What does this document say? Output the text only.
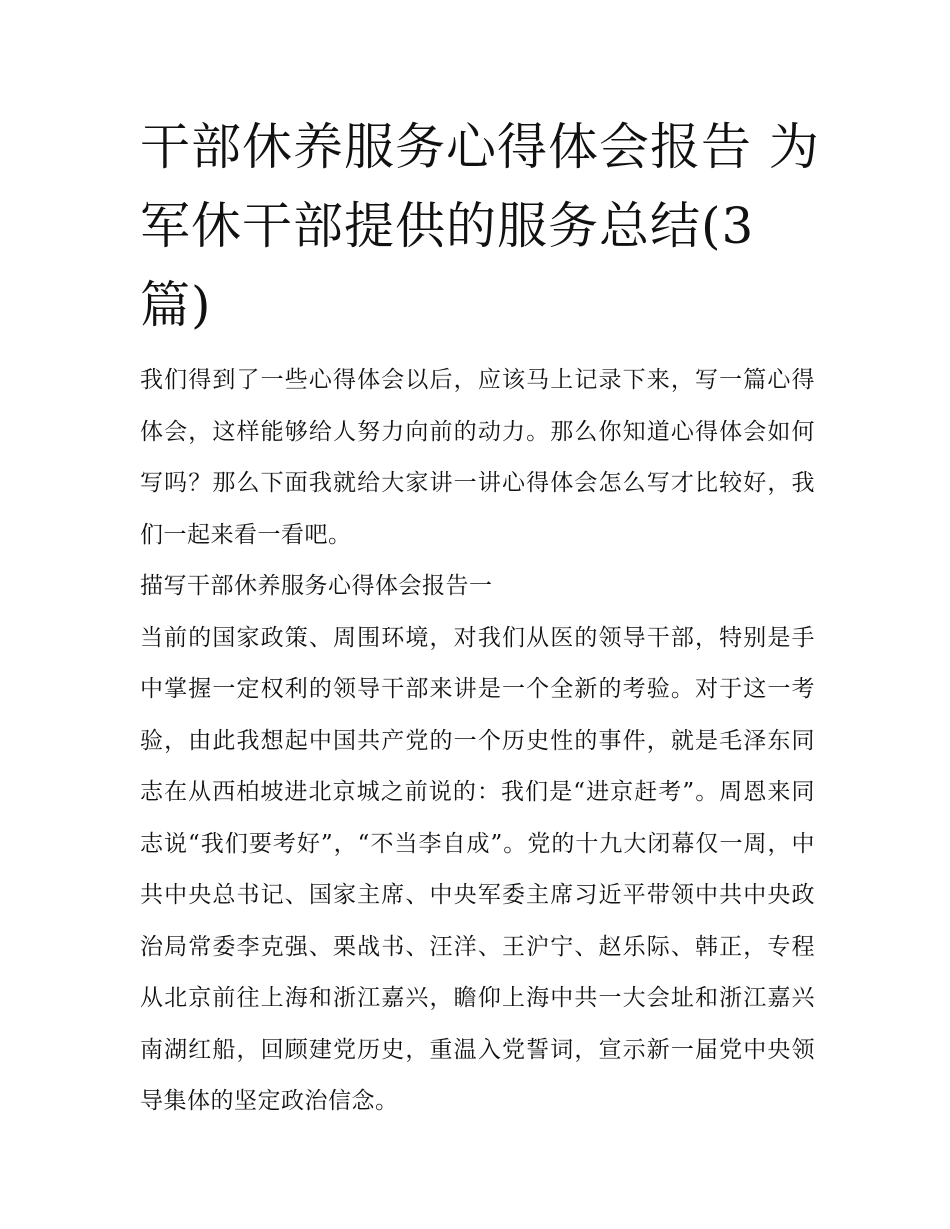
干部休养服务心得体会报告 为军休干部提供的服务总结(3篇)

我们得到了一些心得体会以后，应该马上记录下来，写一篇心得体会，这样能够给人努力向前的动力。那么你知道心得体会如何写吗？那么下面我就给大家讲一讲心得体会怎么写才比较好，我们一起来看一看吧。

描写干部休养服务心得体会报告一

当前的国家政策、周围环境，对我们从医的领导干部，特别是手中掌握一定权利的领导干部来讲是一个全新的考验。对于这一考验，由此我想起中国共产党的一个历史性的事件，就是毛泽东同志在从西柏坡进北京城之前说的：我们是“进京赶考”。周恩来同志说“我们要考好”，“不当李自成”。党的十九大闭幕仅一周，中共中央总书记、国家主席、中央军委主席习近平带领中共中央政治局常委李克强、栗战书、汪洋、王沪宁、赵乐际、韩正，专程从北京前往上海和浙江嘉兴，瞻仰上海中共一大会址和浙江嘉兴南湖红船，回顾建党历史，重温入党誓词，宣示新一届党中央领导集体的坚定政治信念。
